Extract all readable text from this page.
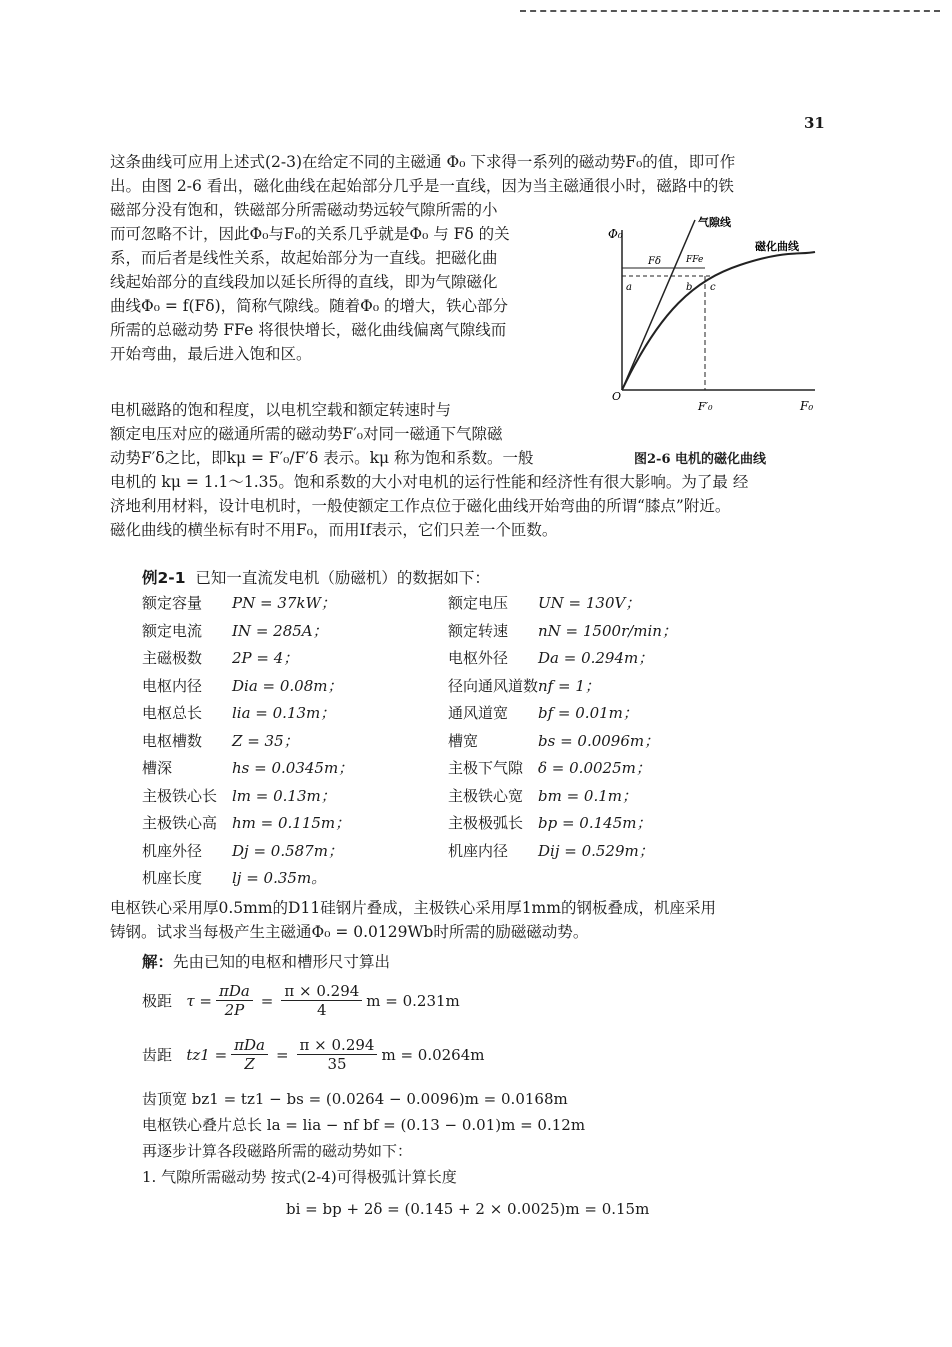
31
这条曲线可应用上述式(2-3)在给定不同的主磁通 Φ₀ 下求得一系列的磁动势F₀的值，即可作
出。由图 2-6 看出，磁化曲线在起始部分几乎是一直线，因为当主磁通很小时，磁路中的铁
磁部分没有饱和，铁磁部分所需磁动势远较气隙所需的小
而可忽略不计，因此Φ₀与F₀的关系几乎就是Φ₀ 与 Fδ 的关
系，而后者是线性关系，故起始部分为一直线。把磁化曲
线起始部分的直线段加以延长所得的直线，即为气隙磁化
曲线Φ₀ = f(Fδ)，简称气隙线。随着Φ₀ 的增大，铁心部分
所需的总磁动势 FFe 将很快增长，磁化曲线偏离气隙线而
开始弯曲，最后进入饱和区。
电机磁路的饱和程度，以电机空载和额定转速时与
额定电压对应的磁通所需的磁动势F′₀对同一磁通下气隙磁
动势F′δ之比，即kμ = F′₀/F′δ 表示。kμ 称为饱和系数。一般
电机的 kμ = 1.1～1.35。饱和系数的大小对电机的运行性能和经济性有很大影响。为了最 经
济地利用材料，设计电机时，一般使额定工作点位于磁化曲线开始弯曲的所谓“膝点”附近。
磁化曲线的横坐标有时不用F₀，而用If表示，它们只差一个匝数。
Φ₀
F₀
F′₀
O
气隙线
磁化曲线
a	b c
Fδ	FFe
图2-6 电机的磁化曲线
例2-1 已知一直流发电机（励磁机）的数据如下：
额定容量 PN = 37kW；	额定电压 UN = 130V；
额定电流 IN = 285A；	额定转速 nN = 1500r/min；
主磁极数 2P = 4；	电枢外径 Da = 0.294m；
电枢内径 Dia = 0.08m；	径向通风道数nf = 1；
电枢总长 lia = 0.13m；	通风道宽 bf = 0.01m；
电枢槽数 Z = 35；	槽宽	bs = 0.0096m；
槽深	hs = 0.0345m；	主极下气隙 δ = 0.0025m；
主极铁心长 lm = 0.13m；	主极铁心宽 bm = 0.1m；
主极铁心高 hm = 0.115m；	主极极弧长 bp = 0.145m；
机座外径 Dj = 0.587m；	机座内径 Dij = 0.529m；
机座长度 lj = 0.35m。
电枢铁心采用厚0.5mm的D11硅钢片叠成，主极铁心采用厚1mm的钢板叠成，机座采用
铸钢。试求当每极产生主磁通Φ₀ = 0.0129Wb时所需的励磁磁动势。
解：先由已知的电枢和槽形尺寸算出
极距
$\tau = \frac{\text{πDa}}{2P} = \frac{\pi \times 0.294}{4}$ m = 0.231m
齿距
$tz1 = \frac{\text{πDa}}{Z} = \frac{\pi \times 0.294}{35}$ m = 0.0264m
齿顶宽 bz1 = tz1 − bs = (0.0264 − 0.0096)m = 0.0168m
电枢铁心叠片总长 la = lia − nf bf = (0.13 − 0.01)m = 0.12m
再逐步计算各段磁路所需的磁动势如下：
1. 气隙所需磁动势 按式(2-4)可得极弧计算长度
bi = bp + 2δ = (0.145 + 2 × 0.0025)m = 0.15m
